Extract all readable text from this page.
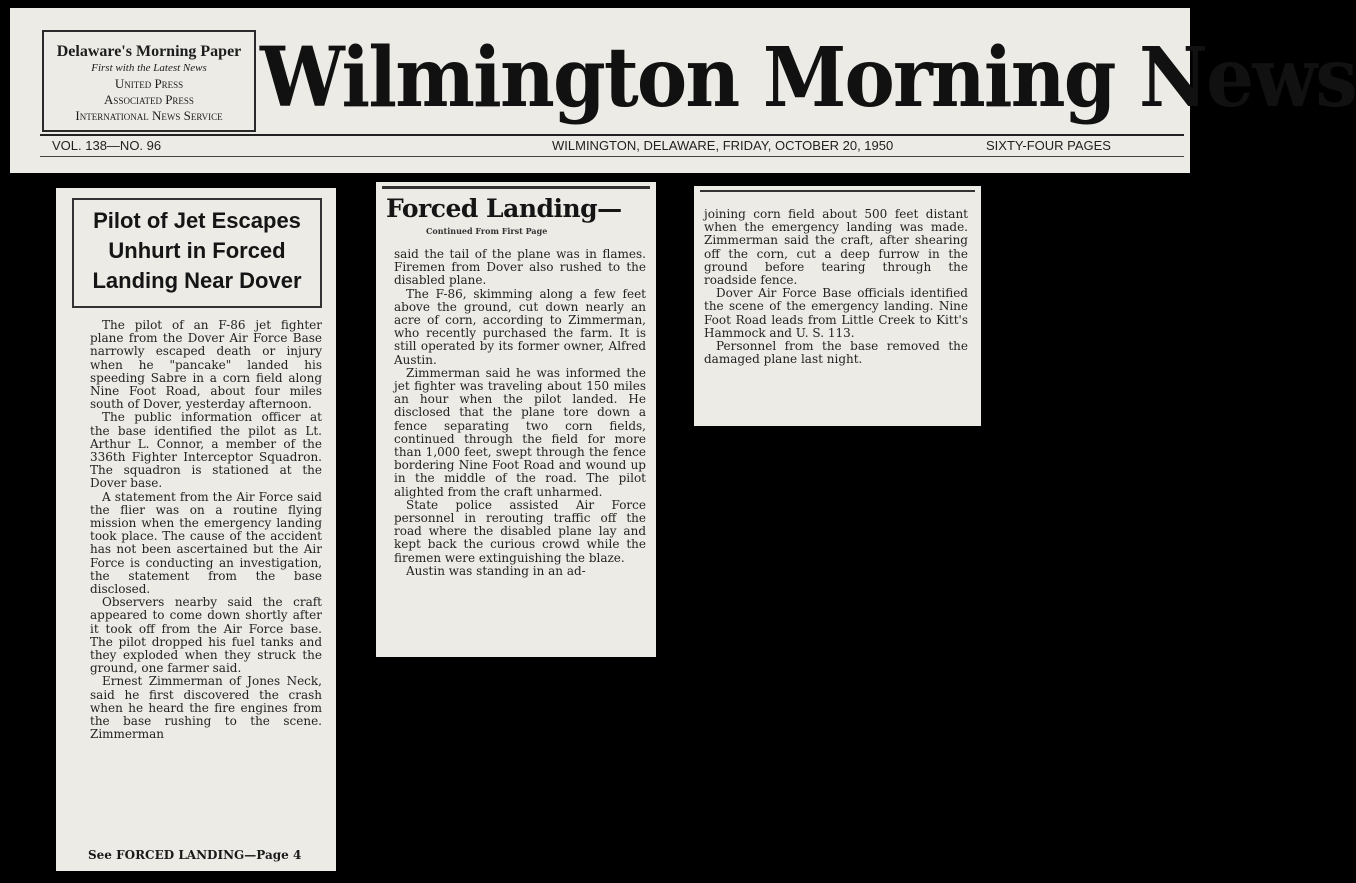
Delaware's Morning Paper
First with the Latest News
United Press
Associated Press
International News Service Wilmington Morning News
VOL. 138—NO. 96	WILMINGTON, DELAWARE, FRIDAY, OCTOBER 20, 1950	SIXTY-FOUR PAGES
Pilot of Jet Escapes
Unhurt in Forced
Landing Near Dover

The pilot of an F-86 jet fighter plane from the Dover Air Force Base narrowly escaped death or injury when he "pancake" landed his speeding Sabre in a corn field along Nine Foot Road, about four miles south of Dover, yesterday afternoon.

The public information officer at the base identified the pilot as Lt. Arthur L. Connor, a member of the 336th Fighter Interceptor Squadron. The squadron is stationed at the Dover base.

A statement from the Air Force said the flier was on a routine flying mission when the emergency landing took place. The cause of the accident has not been ascertained but the Air Force is conducting an investigation, the statement from the base disclosed.

Observers nearby said the craft appeared to come down shortly after it took off from the Air Force base. The pilot dropped his fuel tanks and they exploded when they struck the ground, one farmer said.

Ernest Zimmerman of Jones Neck, said he first discovered the crash when he heard the fire engines from the base rushing to the scene. Zimmerman

See FORCED LANDING—Page 4
Forced Landing—
Continued From First Page

said the tail of the plane was in flames. Firemen from Dover also rushed to the disabled plane.

The F-86, skimming along a few feet above the ground, cut down nearly an acre of corn, according to Zimmerman, who recently purchased the farm. It is still operated by its former owner, Alfred Austin.

Zimmerman said he was informed the jet fighter was traveling about 150 miles an hour when the pilot landed. He disclosed that the plane tore down a fence separating two corn fields, continued through the field for more than 1,000 feet, swept through the fence bordering Nine Foot Road and wound up in the middle of the road. The pilot alighted from the craft unharmed.

State police assisted Air Force personnel in rerouting traffic off the road where the disabled plane lay and kept back the curious crowd while the firemen were extinguishing the blaze.

Austin was standing in an ad-

joining corn field about 500 feet distant when the emergency landing was made. Zimmerman said the craft, after shearing off the corn, cut a deep furrow in the ground before tearing through the roadside fence.

Dover Air Force Base officials identified the scene of the emergency landing. Nine Foot Road leads from Little Creek to Kitt's Hammock and U. S. 113.

Personnel from the base removed the damaged plane last night.
